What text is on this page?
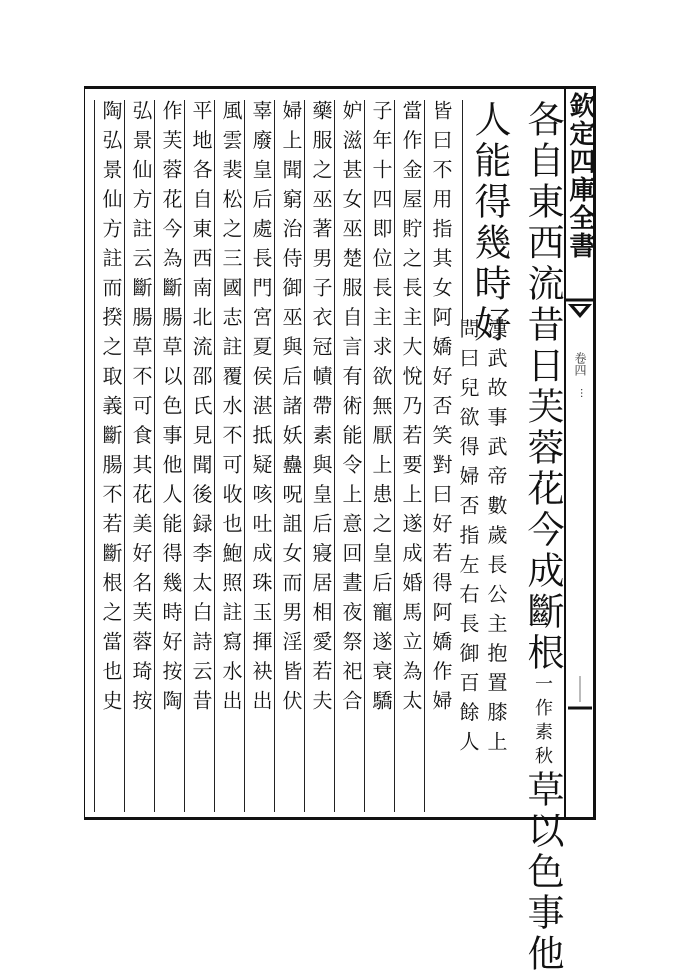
欽定四庫全書
卷四
…
各自東西流昔日芙蓉花今成斷根一作素秋草以色事他
人能得幾時好
漢武故事武帝數歲長公主抱置膝上
問曰兒欲得婦否指左右長御百餘人
皆曰不用指其女阿嬌好否笑對曰好若得阿嬌作婦
當作金屋貯之長主大悅乃若要上遂成婚馬立為太
子年十四即位長主求欲無厭上患之皇后寵遂衰驕
妒滋甚女巫楚服自言有術能令上意回晝夜祭祀合
藥服之巫著男子衣冠幘帶素與皇后寢居相愛若夫
婦上聞窮治侍御巫與后諸妖蠱呪詛女而男淫皆伏
辜廢皇后處長門宮夏侯湛抵疑咳吐成珠玉揮袂出
風雲裴松之三國志註覆水不可收也鮑照註寫水出
平地各自東西南北流邵氏見聞後録李太白詩云昔
作芙蓉花今為斷腸草以色事他人能得幾時好按陶
弘景仙方註云斷腸草不可食其花美好名芙蓉琦按
陶弘景仙方註而揆之取義斷腸不若斷根之當也史
